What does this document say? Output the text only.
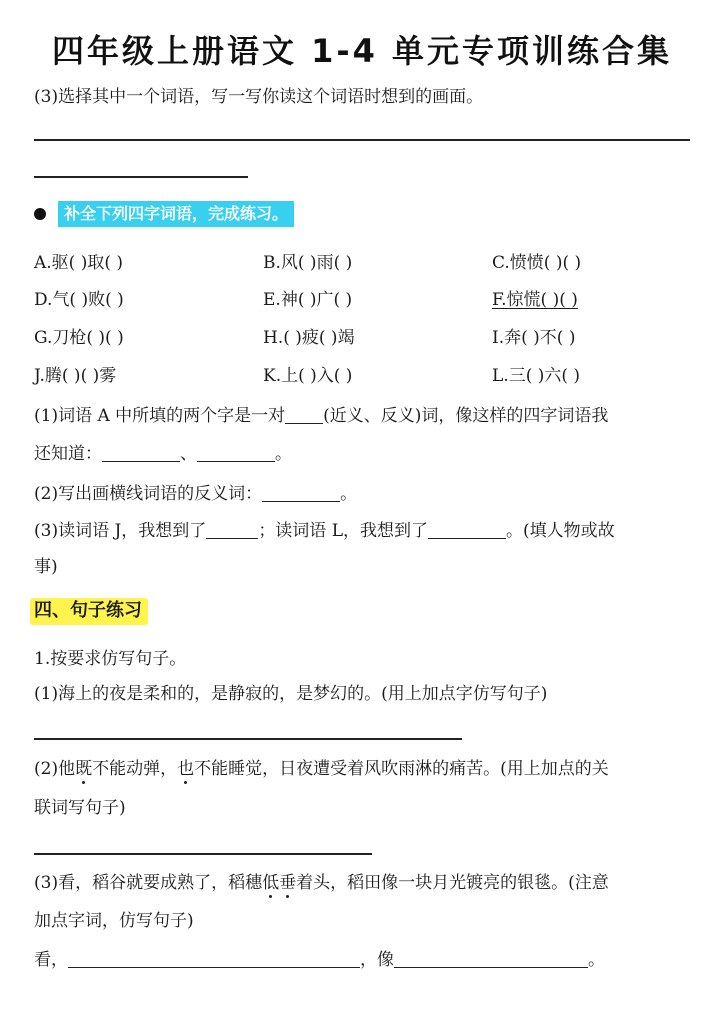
四年级上册语文 1-4 单元专项训练合集
(3)选择其中一个词语，写一写你读这个词语时想到的画面。
补全下列四字词语，完成练习。
A.驱( )取( )	B.风( )雨( )	C.愤愤( )( )
D.气( )败( )	E.神( )广( )	F.惊慌( )( )
G.刀枪( )( )	H.( )疲( )竭	I.奔( )不( )
J.腾( )( )雾	K.上( )入( )	L.三( )六( )
(1)词语 A 中所填的两个字是一对 (近义、反义)词，像这样的四字词语我
还知道：	、	。
(2)写出画横线词语的反义词：	。
(3)读词语 J，我想到了	；读词语 L，我想到了	。(填人物或故
事)
四、句子练习
1.按要求仿写句子。
(1)海上的夜是柔和的，是静寂的，是梦幻的。(用上加点字仿写句子)
(2)他既不能动弹，也不能睡觉，日夜遭受着风吹雨淋的痛苦。(用上加点的关
联词写句子)
(3)看，稻谷就要成熟了，稻穗低垂着头，稻田像一块月光镀亮的银毯。(注意
加点字词，仿写句子)
看，	，像	。
